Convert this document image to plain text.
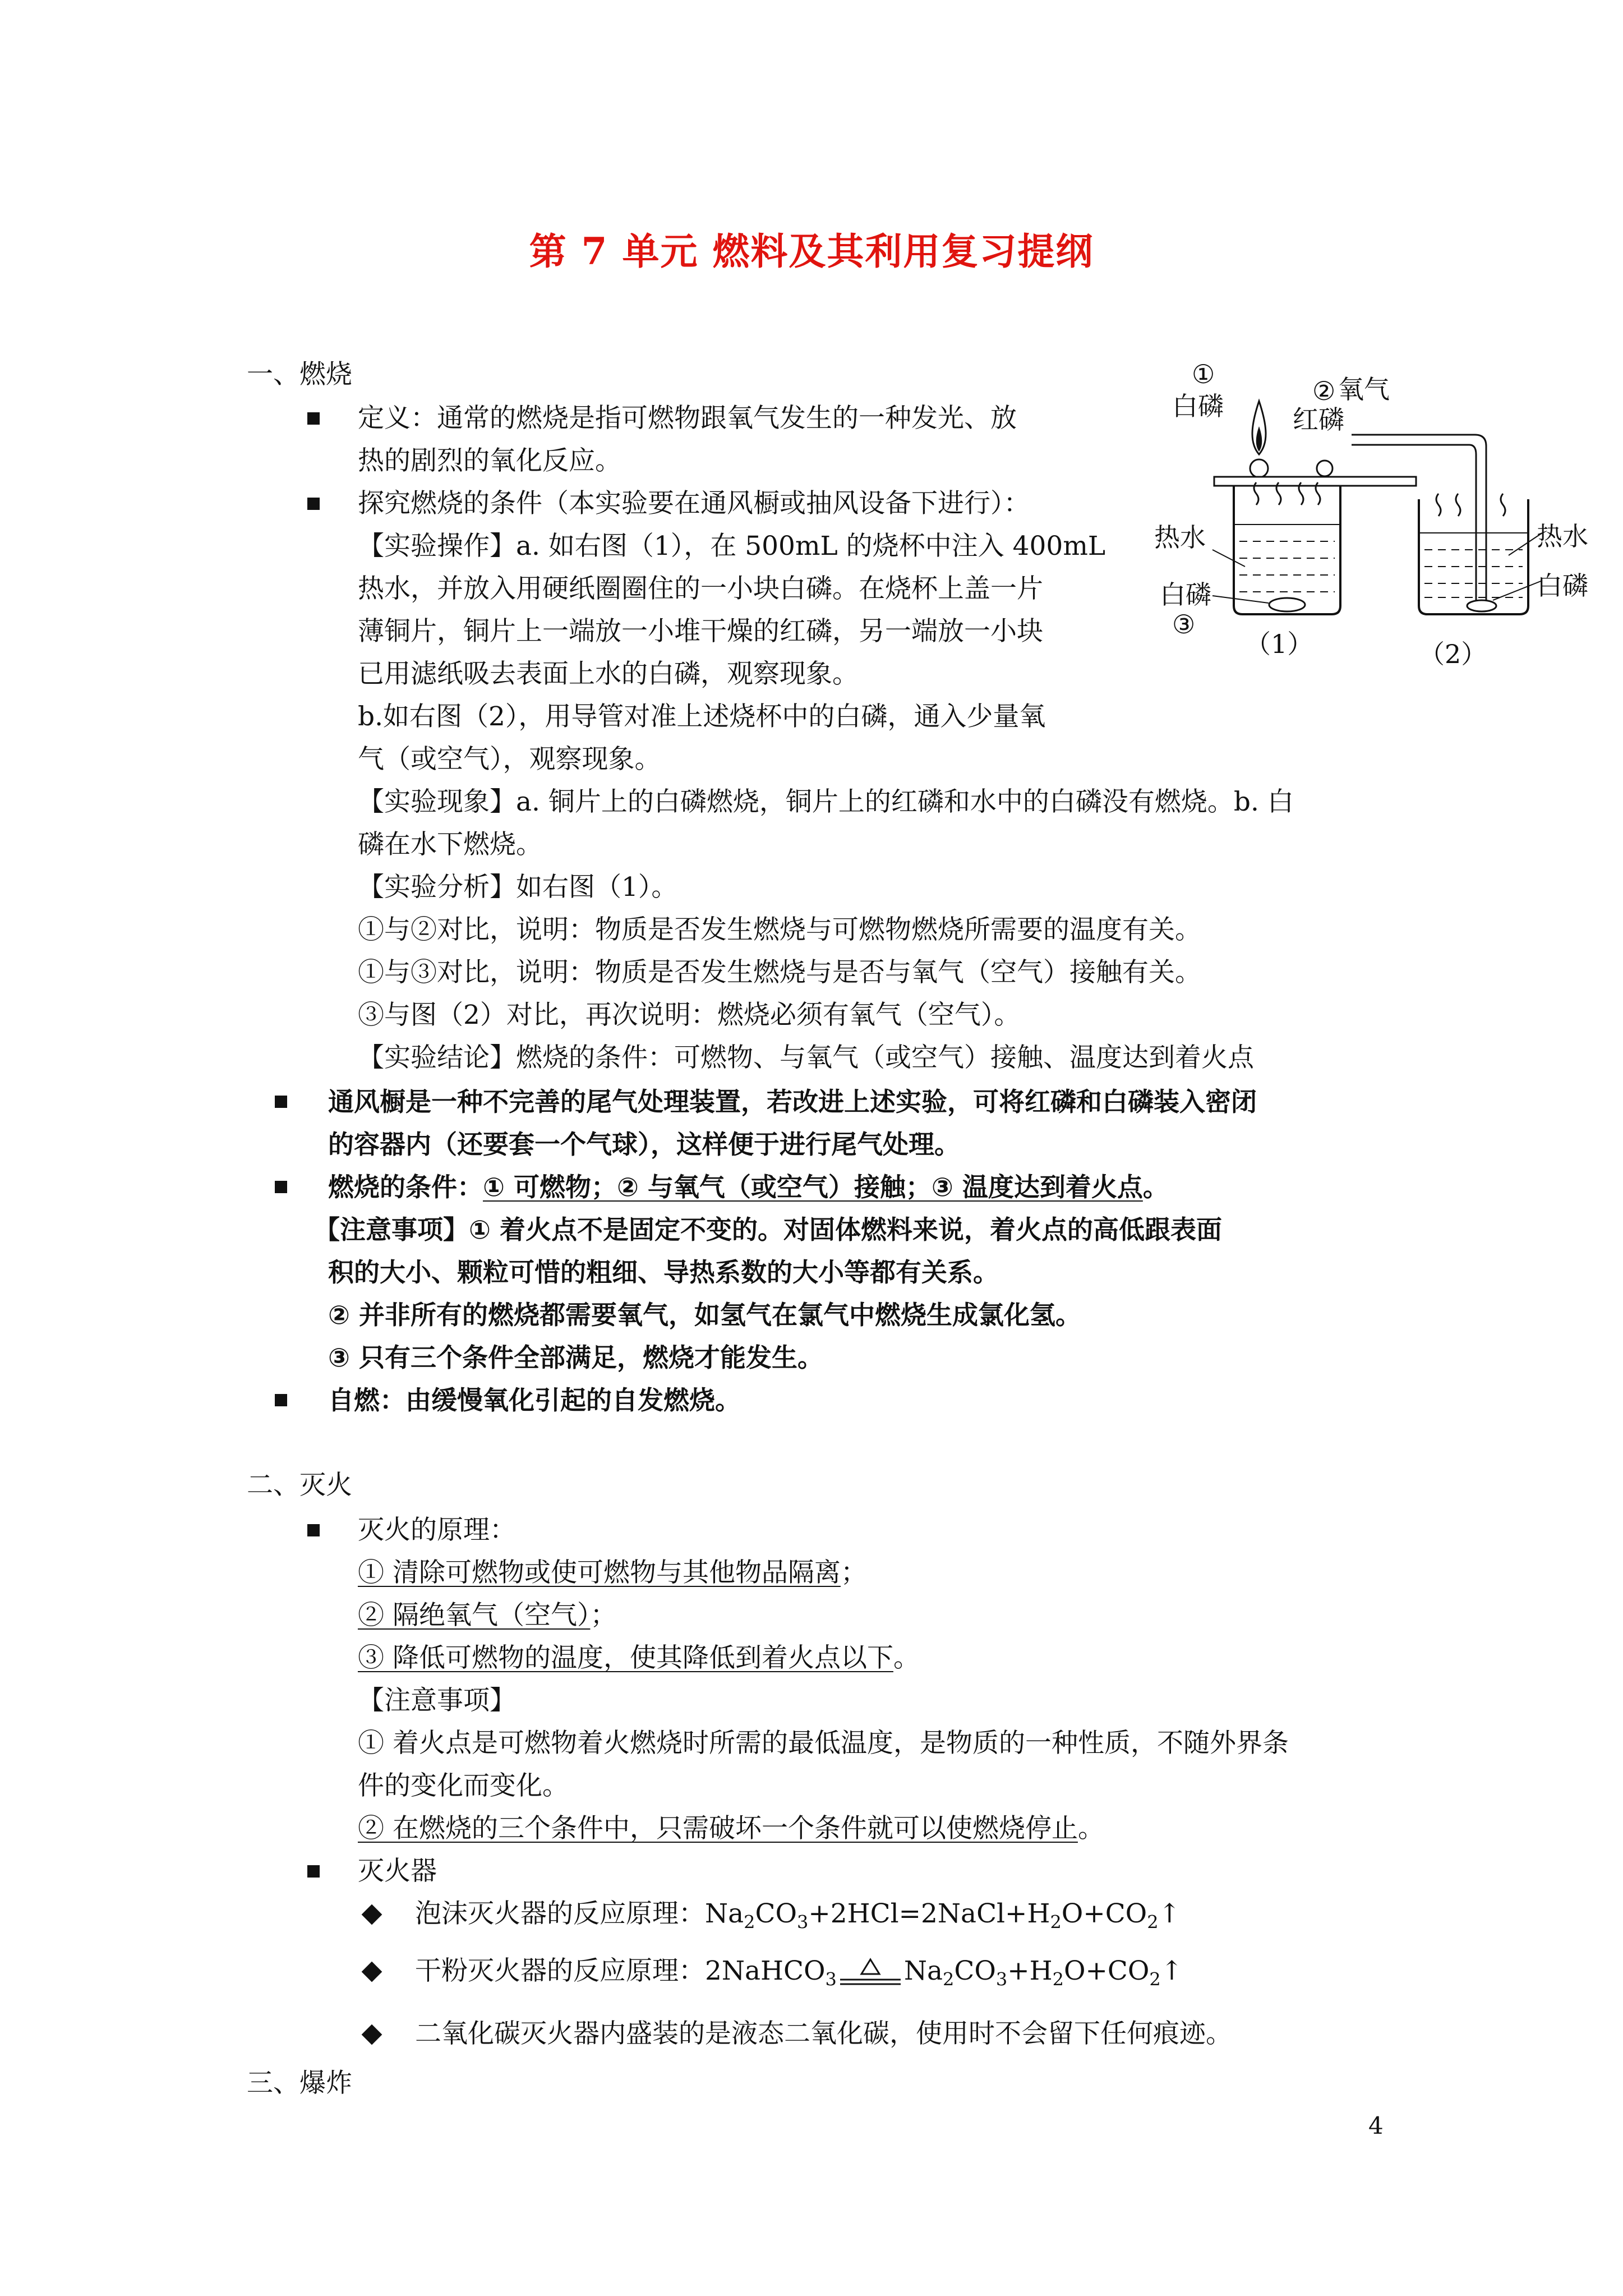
第 7 单元 燃料及其利用复习提纲
一、燃烧
定义：通常的燃烧是指可燃物跟氧气发生的一种发光、放
热的剧烈的氧化反应。
探究燃烧的条件（本实验要在通风橱或抽风设备下进行）：
【实验操作】a. 如右图（1），在 500mL 的烧杯中注入 400mL
热水，并放入用硬纸圈圈住的一小块白磷。在烧杯上盖一片
薄铜片，铜片上一端放一小堆干燥的红磷，另一端放一小块
已用滤纸吸去表面上水的白磷，观察现象。
b.如右图（2），用导管对准上述烧杯中的白磷，通入少量氧
气（或空气），观察现象。
【实验现象】a. 铜片上的白磷燃烧，铜片上的红磷和水中的白磷没有燃烧。b. 白
磷在水下燃烧。
【实验分析】如右图（1）。
①与②对比，说明：物质是否发生燃烧与可燃物燃烧所需要的温度有关。
①与③对比，说明：物质是否发生燃烧与是否与氧气（空气）接触有关。
③与图（2）对比，再次说明：燃烧必须有氧气（空气）。
【实验结论】燃烧的条件：可燃物、与氧气（或空气）接触、温度达到着火点
通风橱是一种不完善的尾气处理装置，若改进上述实验，可将红磷和白磷装入密闭
的容器内（还要套一个气球），这样便于进行尾气处理。
燃烧的条件：① 可燃物；② 与氧气（或空气）接触；③ 温度达到着火点。
【注意事项】① 着火点不是固定不变的。对固体燃料来说，着火点的高低跟表面
积的大小、颗粒可惜的粗细、导热系数的大小等都有关系。
② 并非所有的燃烧都需要氧气，如氢气在氯气中燃烧生成氯化氢。
③ 只有三个条件全部满足，燃烧才能发生。
自燃：由缓慢氧化引起的自发燃烧。
二、灭火
灭火的原理：
① 清除可燃物或使可燃物与其他物品隔离；
② 隔绝氧气（空气）；
③ 降低可燃物的温度，使其降低到着火点以下。
【注意事项】
① 着火点是可燃物着火燃烧时所需的最低温度，是物质的一种性质，不随外界条
件的变化而变化。
② 在燃烧的三个条件中，只需破坏一个条件就可以使燃烧停止。
灭火器
泡沫灭火器的反应原理：$Na_2CO_3+2HCl=2NaCl+H_2O+CO_2↑$
干粉灭火器的反应原理：2NaHCO$_3$	$Na_2CO_3+H_2O+CO_2↑$
二氧化碳灭火器内盛装的是液态二氧化碳，使用时不会留下任何痕迹。
三、爆炸
①
白磷	② 氧气
红磷
热水
白磷
③
（1）
热水
白磷
（2）
4
